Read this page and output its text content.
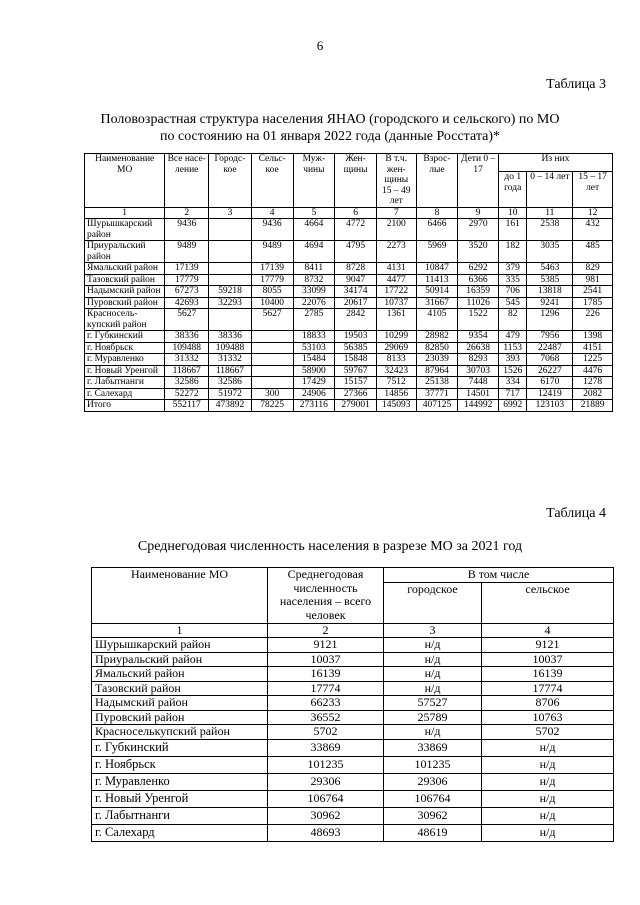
6
Таблица 3
Половозрастная структура населения ЯНАО (городского и сельского) по МО
по состоянию на 01 января 2022 года (данные Росстата)*
Наименование МО	Все насе-ление	Городс-кое	Сельс-кое	Муж-чины	Жен-щины	В т.ч. жен-щины 15 – 49 лет	Взрос-лые	Дети 0 – 17	Из них		
									до 1 года	0 – 14 лет	15 – 17 лет
1	2	3	4	5	6	7	8	9	10	11	12
Шурышкарский район	9436		9436	4664	4772	2100	6466	2970	161	2538	432
Приуральский район	9489		9489	4694	4795	2273	5969	3520	182	3035	485
Ямальский район	17139		17139	8411	8728	4131	10847	6292	379	5463	829
Тазовский район	17779		17779	8732	9047	4477	11413	6366	335	5385	981
Надымский район	67273	59218	8055	33099	34174	17722	50914	16359	706	13818	2541
Пуровский район	42693	32293	10400	22076	20617	10737	31667	11026	545	9241	1785
Красносель-купский район	5627		5627	2785	2842	1361	4105	1522	82	1296	226
г. Губкинский	38336	38336		18833	19503	10299	28982	9354	479	7956	1398
г. Ноябрьск	109488	109488		53103	56385	29069	82850	26638	1153	22487	4151
г. Муравленко	31332	31332		15484	15848	8133	23039	8293	393	7068	1225
г. Новый Уренгой	118667	118667		58900	59767	32423	87964	30703	1526	26227	4476
г. Лабытнанги	32586	32586		17429	15157	7512	25138	7448	334	6170	1278
г. Салехард	52272	51972	300	24906	27366	14856	37771	14501	717	12419	2082
Итого	552117	473892	78225	273116	279001	145093	407125	144992	6992	123103	21889
Таблица 4
Среднегодовая численность населения в разрезе МО за 2021 год
Наименование МО	Среднегодовая численность населения – всего человек	В том числе	
		городское	сельское
1	2	3	4
Шурышкарский район	9121	н/д	9121
Приуральский район	10037	н/д	10037
Ямальский район	16139	н/д	16139
Тазовский район	17774	н/д	17774
Надымский район	66233	57527	8706
Пуровский район	36552	25789	10763
Красноселькупский район	5702	н/д	5702
г. Губкинский	33869	33869	н/д
г. Ноябрьск	101235	101235	н/д
г. Муравленко	29306	29306	н/д
г. Новый Уренгой	106764	106764	н/д
г. Лабытнанги	30962	30962	н/д
г. Салехард	48693	48619	н/д
